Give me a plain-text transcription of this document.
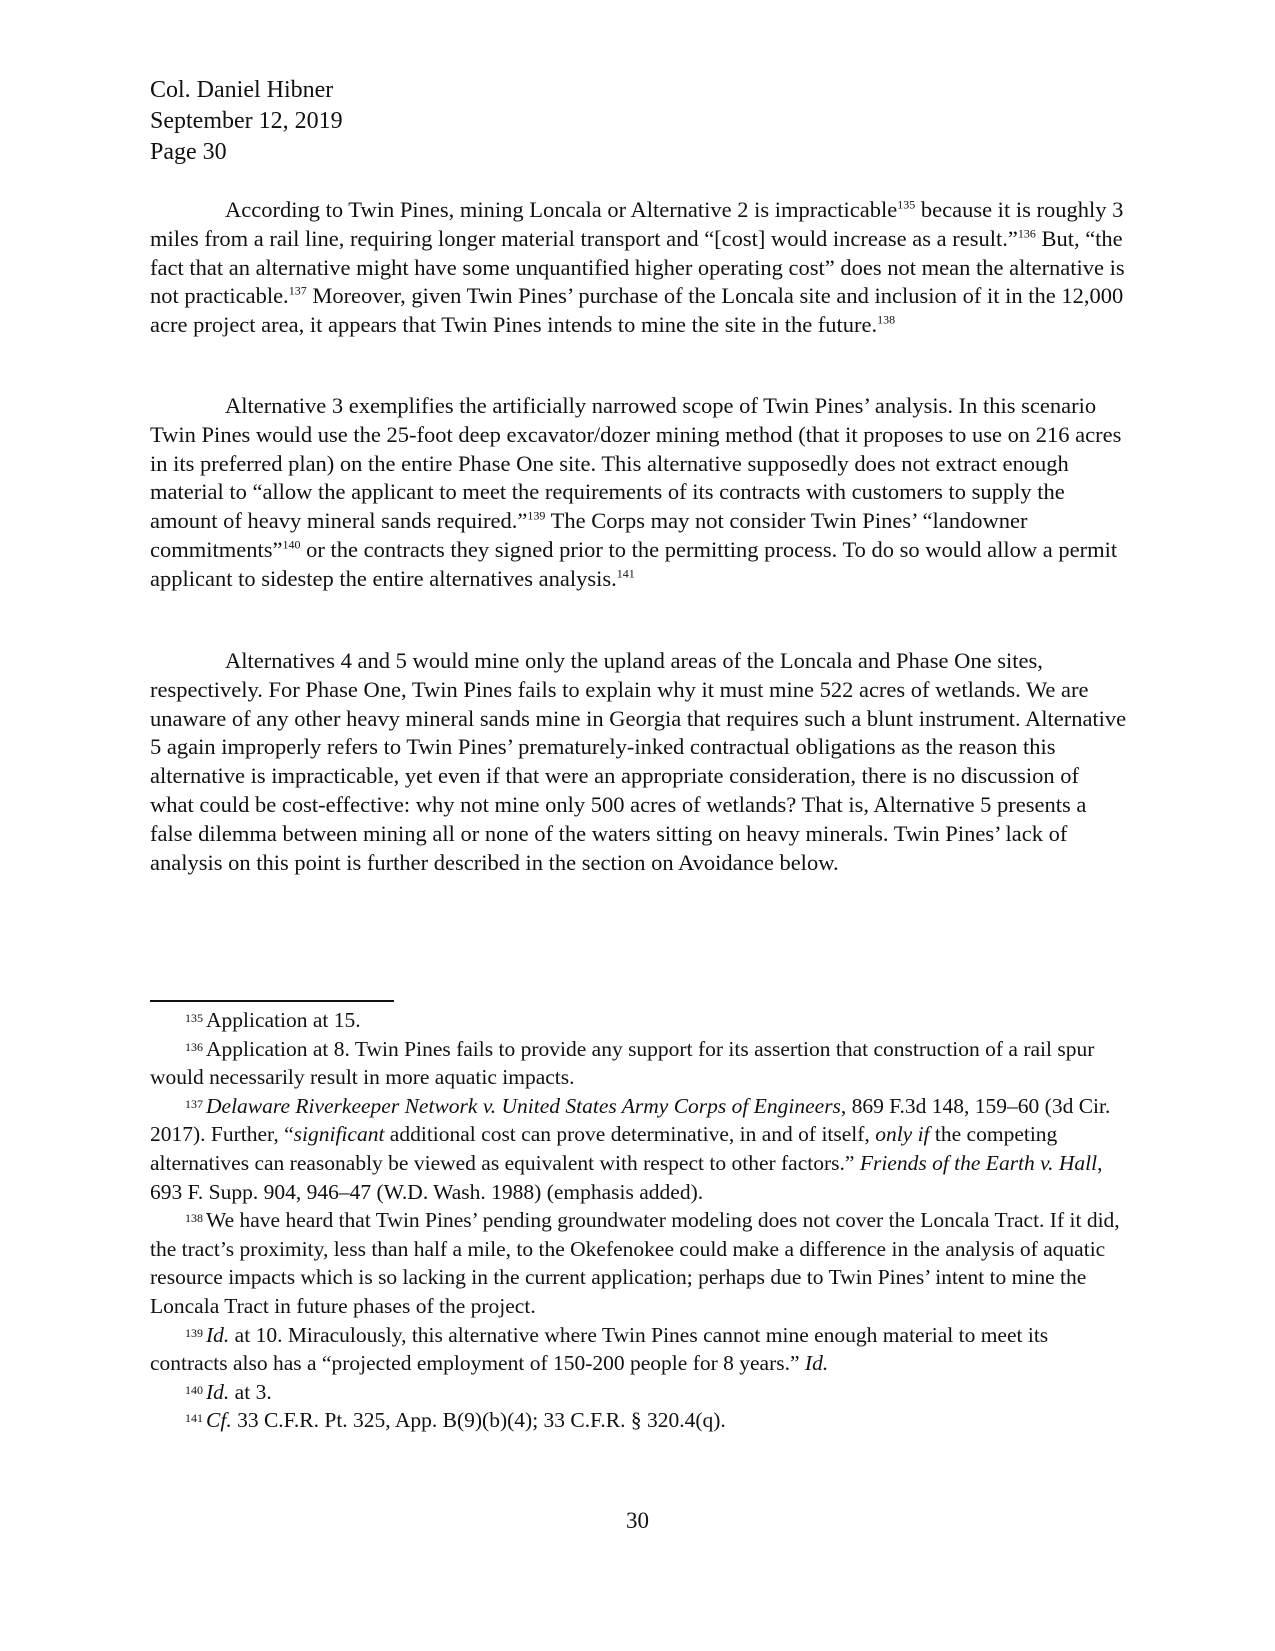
Col. Daniel Hibner
September 12, 2019
Page 30

According to Twin Pines, mining Loncala or Alternative 2 is impracticable$^{135}$ because it is roughly 3 miles from a rail line, requiring longer material transport and “[cost] would increase as a result.”$^{136}$ But, “the fact that an alternative might have some unquantified higher operating cost” does not mean the alternative is not practicable.$^{137}$ Moreover, given Twin Pines’ purchase of the Loncala site and inclusion of it in the 12,000 acre project area, it appears that Twin Pines intends to mine the site in the future.$^{138}$

Alternative 3 exemplifies the artificially narrowed scope of Twin Pines’ analysis. In this scenario Twin Pines would use the 25-foot deep excavator/dozer mining method (that it proposes to use on 216 acres in its preferred plan) on the entire Phase One site. This alternative supposedly does not extract enough material to “allow the applicant to meet the requirements of its contracts with customers to supply the amount of heavy mineral sands required.”$^{139}$ The Corps may not consider Twin Pines’ “landowner commitments”$^{140}$ or the contracts they signed prior to the permitting process. To do so would allow a permit applicant to sidestep the entire alternatives analysis.$^{141}$

Alternatives 4 and 5 would mine only the upland areas of the Loncala and Phase One sites, respectively. For Phase One, Twin Pines fails to explain why it must mine 522 acres of wetlands. We are unaware of any other heavy mineral sands mine in Georgia that requires such a blunt instrument. Alternative 5 again improperly refers to Twin Pines’ prematurely-inked contractual obligations as the reason this alternative is impracticable, yet even if that were an appropriate consideration, there is no discussion of what could be cost-effective: why not mine only 500 acres of wetlands? That is, Alternative 5 presents a false dilemma between mining all or none of the waters sitting on heavy minerals. Twin Pines’ lack of analysis on this point is further described in the section on Avoidance below.

$^{135}$ Application at 15.

$^{136}$ Application at 8. Twin Pines fails to provide any support for its assertion that construction of a rail spur would necessarily result in more aquatic impacts.

$^{137}$ Delaware Riverkeeper Network v. United States Army Corps of Engineers, 869 F.3d 148, 159–60 (3d Cir. 2017). Further, “significant additional cost can prove determinative, in and of itself, only if the competing alternatives can reasonably be viewed as equivalent with respect to other factors.” Friends of the Earth v. Hall, 693 F. Supp. 904, 946–47 (W.D. Wash. 1988) (emphasis added).

$^{138}$ We have heard that Twin Pines’ pending groundwater modeling does not cover the Loncala Tract. If it did, the tract’s proximity, less than half a mile, to the Okefenokee could make a difference in the analysis of aquatic resource impacts which is so lacking in the current application; perhaps due to Twin Pines’ intent to mine the Loncala Tract in future phases of the project.

$^{139}$ Id. at 10. Miraculously, this alternative where Twin Pines cannot mine enough material to meet its contracts also has a “projected employment of 150-200 people for 8 years.” Id.

$^{140}$ Id. at 3.

$^{141}$ Cf. 33 C.F.R. Pt. 325, App. B(9)(b)(4); 33 C.F.R. § 320.4(q).

30
